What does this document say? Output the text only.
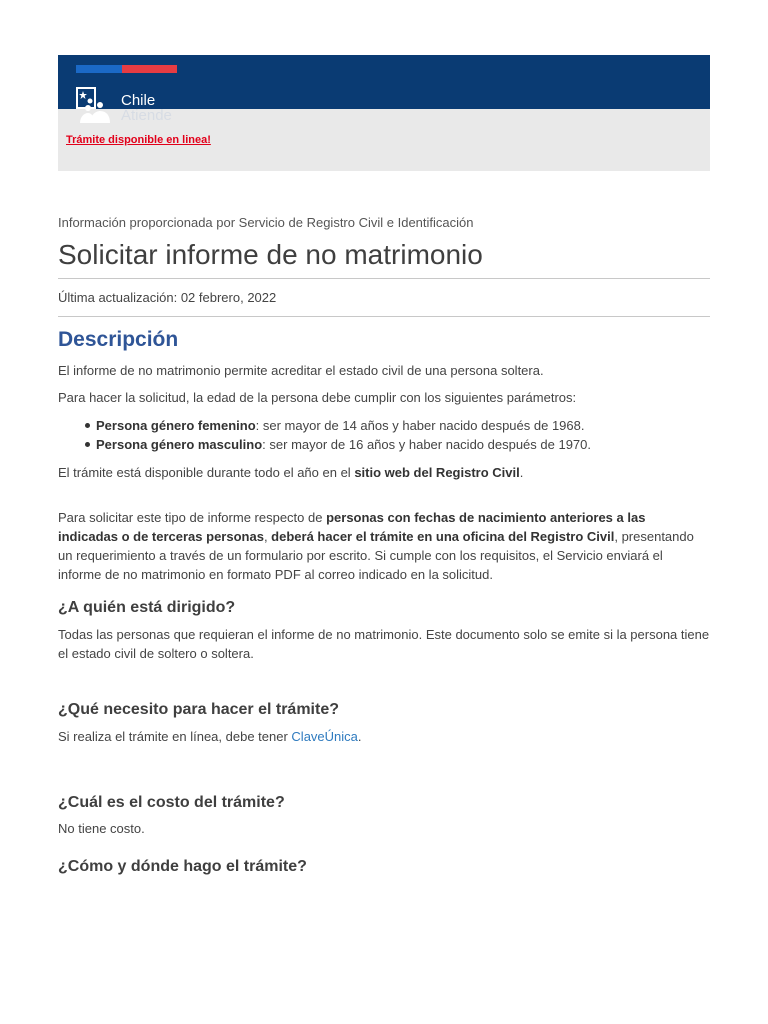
Chile
Atiende
Trámite disponible en linea!
Información proporcionada por Servicio de Registro Civil e Identificación
Solicitar informe de no matrimonio
Última actualización: 02 febrero, 2022
Descripción

El informe de no matrimonio permite acreditar el estado civil de una persona soltera.

Para hacer la solicitud, la edad de la persona debe cumplir con los siguientes parámetros:

Persona género femenino: ser mayor de 14 años y haber nacido después de 1968.
Persona género masculino: ser mayor de 16 años y haber nacido después de 1970.

El trámite está disponible durante todo el año en el sitio web del Registro Civil.

Para solicitar este tipo de informe respecto de personas con fechas de nacimiento anteriores a las indicadas o de terceras personas, deberá hacer el trámite en una oficina del Registro Civil, presentando un requerimiento a través de un formulario por escrito. Si cumple con los requisitos, el Servicio enviará el informe de no matrimonio en formato PDF al correo indicado en la solicitud.

¿A quién está dirigido?

Todas las personas que requieran el informe de no matrimonio. Este documento solo se emite si la persona tiene el estado civil de soltero o soltera.

¿Qué necesito para hacer el trámite?

Si realiza el trámite en línea, debe tener ClaveÚnica.

¿Cuál es el costo del trámite?

No tiene costo.

¿Cómo y dónde hago el trámite?
